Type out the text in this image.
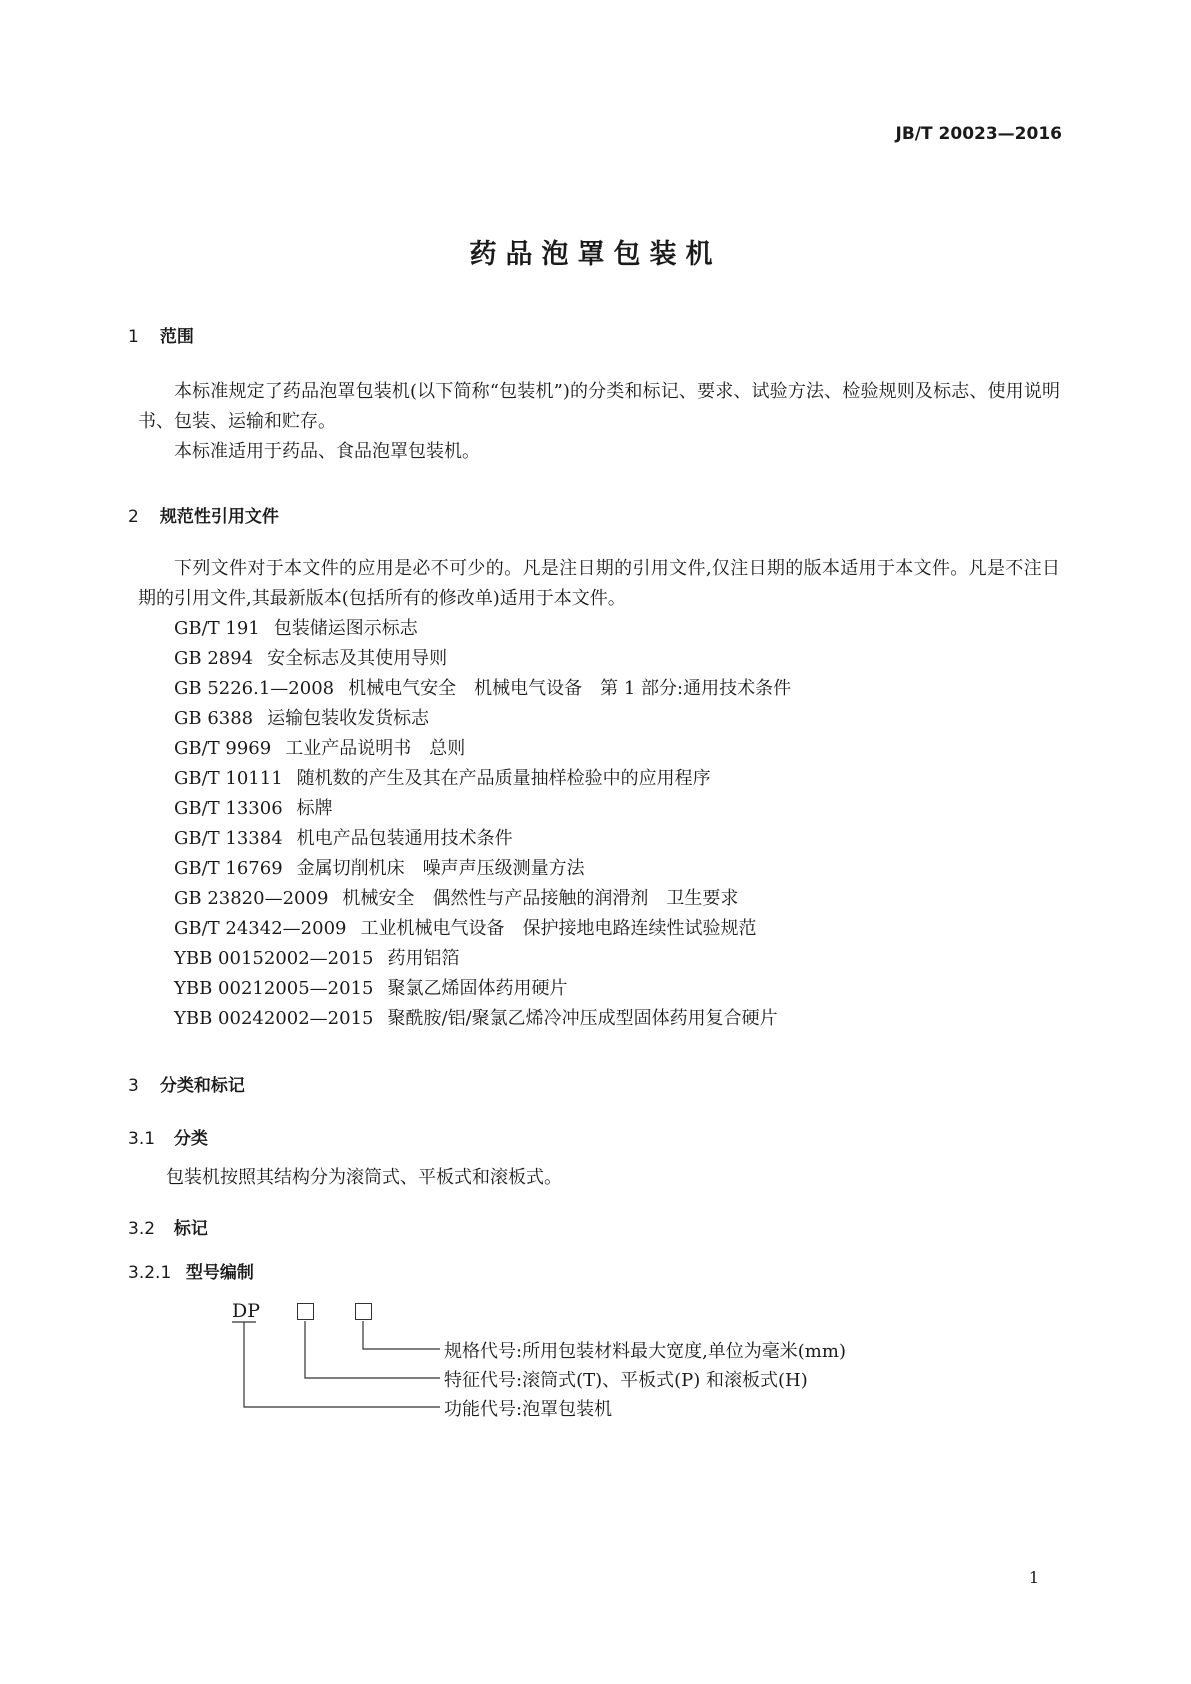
JB/T 20023—2016
药品泡罩包装机
1 范围
本标准规定了药品泡罩包装机(以下简称“包装机”)的分类和标记、要求、试验方法、检验规则及标志、使用说明书、包装、运输和贮存。
本标准适用于药品、食品泡罩包装机。
2 规范性引用文件
下列文件对于本文件的应用是必不可少的。凡是注日期的引用文件,仅注日期的版本适用于本文件。凡是不注日期的引用文件,其最新版本(包括所有的修改单)适用于本文件。
GB/T 191 包装储运图示标志
GB 2894 安全标志及其使用导则
GB 5226.1—2008 机械电气安全　机械电气设备　第 1 部分:通用技术条件
GB 6388 运输包装收发货标志
GB/T 9969 工业产品说明书　总则
GB/T 10111 随机数的产生及其在产品质量抽样检验中的应用程序
GB/T 13306 标牌
GB/T 13384 机电产品包装通用技术条件
GB/T 16769 金属切削机床　噪声声压级测量方法
GB 23820—2009 机械安全　偶然性与产品接触的润滑剂　卫生要求
GB/T 24342—2009 工业机械电气设备　保护接地电路连续性试验规范
YBB 00152002—2015 药用铝箔
YBB 00212005—2015 聚氯乙烯固体药用硬片
YBB 00242002—2015 聚酰胺/铝/聚氯乙烯冷冲压成型固体药用复合硬片
3 分类和标记
3.1 分类
包装机按照其结构分为滚筒式、平板式和滚板式。
3.2 标记
3.2.1 型号编制
DP
规格代号:所用包装材料最大宽度,单位为毫米(mm)
特征代号:滚筒式(T)、平板式(P) 和滚板式(H)
功能代号:泡罩包装机
1
